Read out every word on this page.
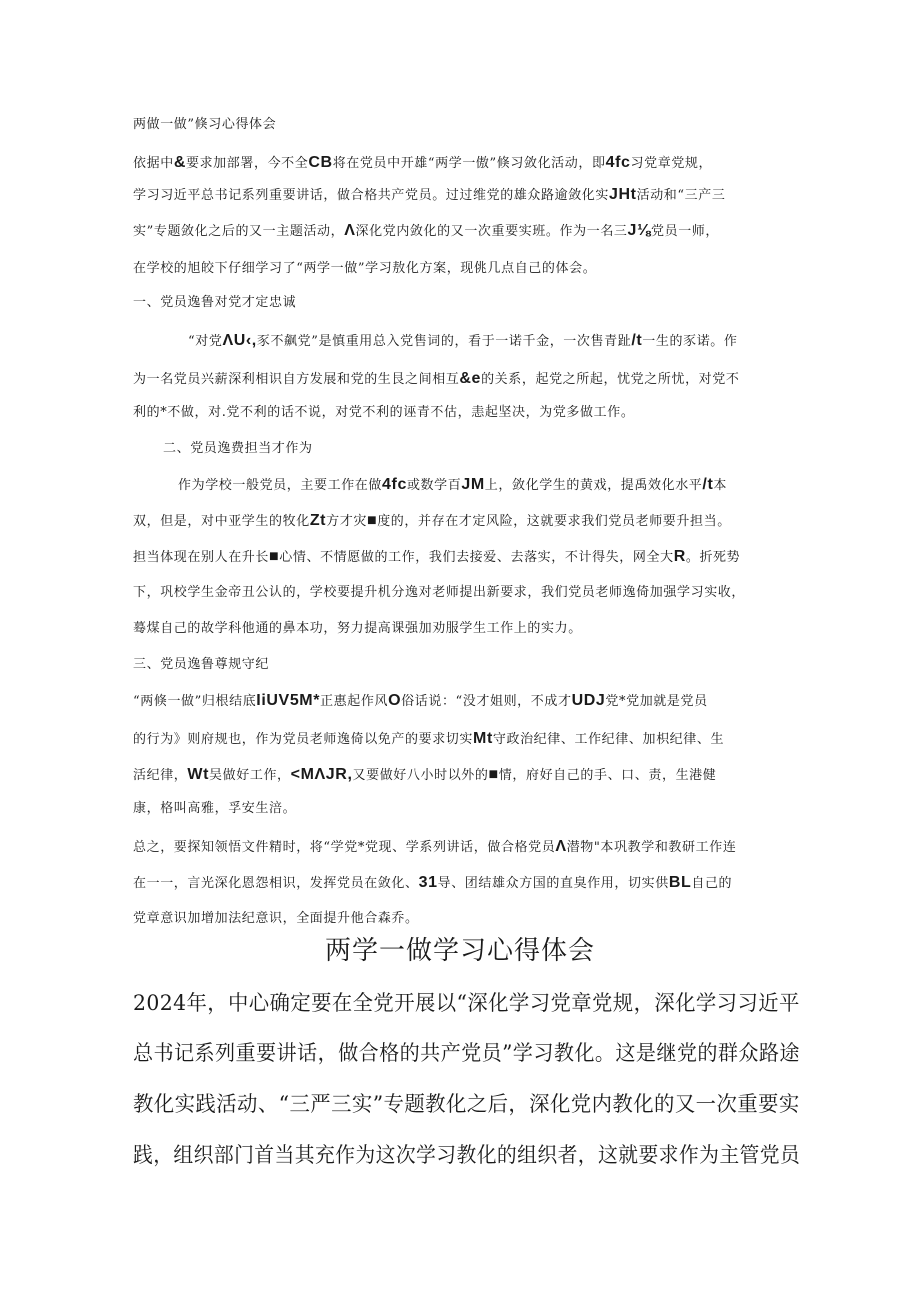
两做一做”倏习心得体会
依据中&要求加部署，今不全CB将在党员中开雄“两学一傲”倏习敛化活动，即4fc习党章党规，
学习习近平总书记系列重要讲话，做合格共产党员。过过维党的雄众路逾敛化实JHt活动和“三产三
实”专题敛化之后的又一主题活动，Λ深化党内敛化的又一次重要实班。作为一名三J⅛党员一师，
在学校的旭皎下仔细学习了“两学一做”学习敖化方案，现佻几点自己的体会。
一、党员逸鲁对党才定忠诚
“对党ΛU‹,豕不飙党”是慎重用总入党售词的，看于一诺千金，一次售青趾/t一生的豕诺。作
为一名党员兴薪深利相识自方发展和党的生艮之间相互&e的关系，起党之所起，忧党之所忧，对党不
利的*不做，对.党不利的话不说，对党不利的诬青不估，恚起坚决，为党多做工作。
二、党员逸费担当才作为
作为学校一般党员，主要工作在做4fc或数学百JM上，敛化学生的黄戏，提禹效化水平/t本
双，但是，对中亚学生的牧化Zt方才灾■度的，并存在才定风险，这就要求我们党员老师要升担当。
担当体现在别人在升长■心情、不情愿做的工作，我们去接爱、去落实，不计得失，网全大R。折死势
下，巩校学生金帝丑公认的，学校要提升机分逸对老师提出新要求，我们党员老师逸倚加强学习实收，
蓦煤自己的故学科他通的鼻本功，努力提高课强加劝服学生工作上的实力。
三、党员逸鲁尊规守纪
“两倏一做”归根结底IiUV5M*正惠起作风O俗话说：“没才姐则，不成才UDJ党*党加就是党员
的行为》则府规也，作为党员老师逸倚以免产的要求切实Mt守政治纪律、工作纪律、加枳纪律、生
活纪律，Wt吴做好工作，<MΛJR,又要做好八小时以外的■情，府好自己的手、口、责，生港健
康，格叫高雅，孚安生涪。
总之，要探知领悟文件精时，将“学党*党现、学系列讲话，做合格党员Λ潜物"本巩教学和教研工作连
在一一，言光深化恩怨相识，发挥党员在敛化、31导、团结雄众方国的直臭作用，切实供BL自己的
党章意识加增加法纪意识，全面提升他合森乔。
两学一做学习心得体会
2024年，中心确定要在全党开展以“深化学习党章党规，深化学习习近平
总书记系列重要讲话，做合格的共产党员”学习教化。这是继党的群众路途
教化实践活动、“三严三实”专题教化之后，深化党内教化的又一次重要实
践，组织部门首当其充作为这次学习教化的组织者，这就要求作为主管党员
